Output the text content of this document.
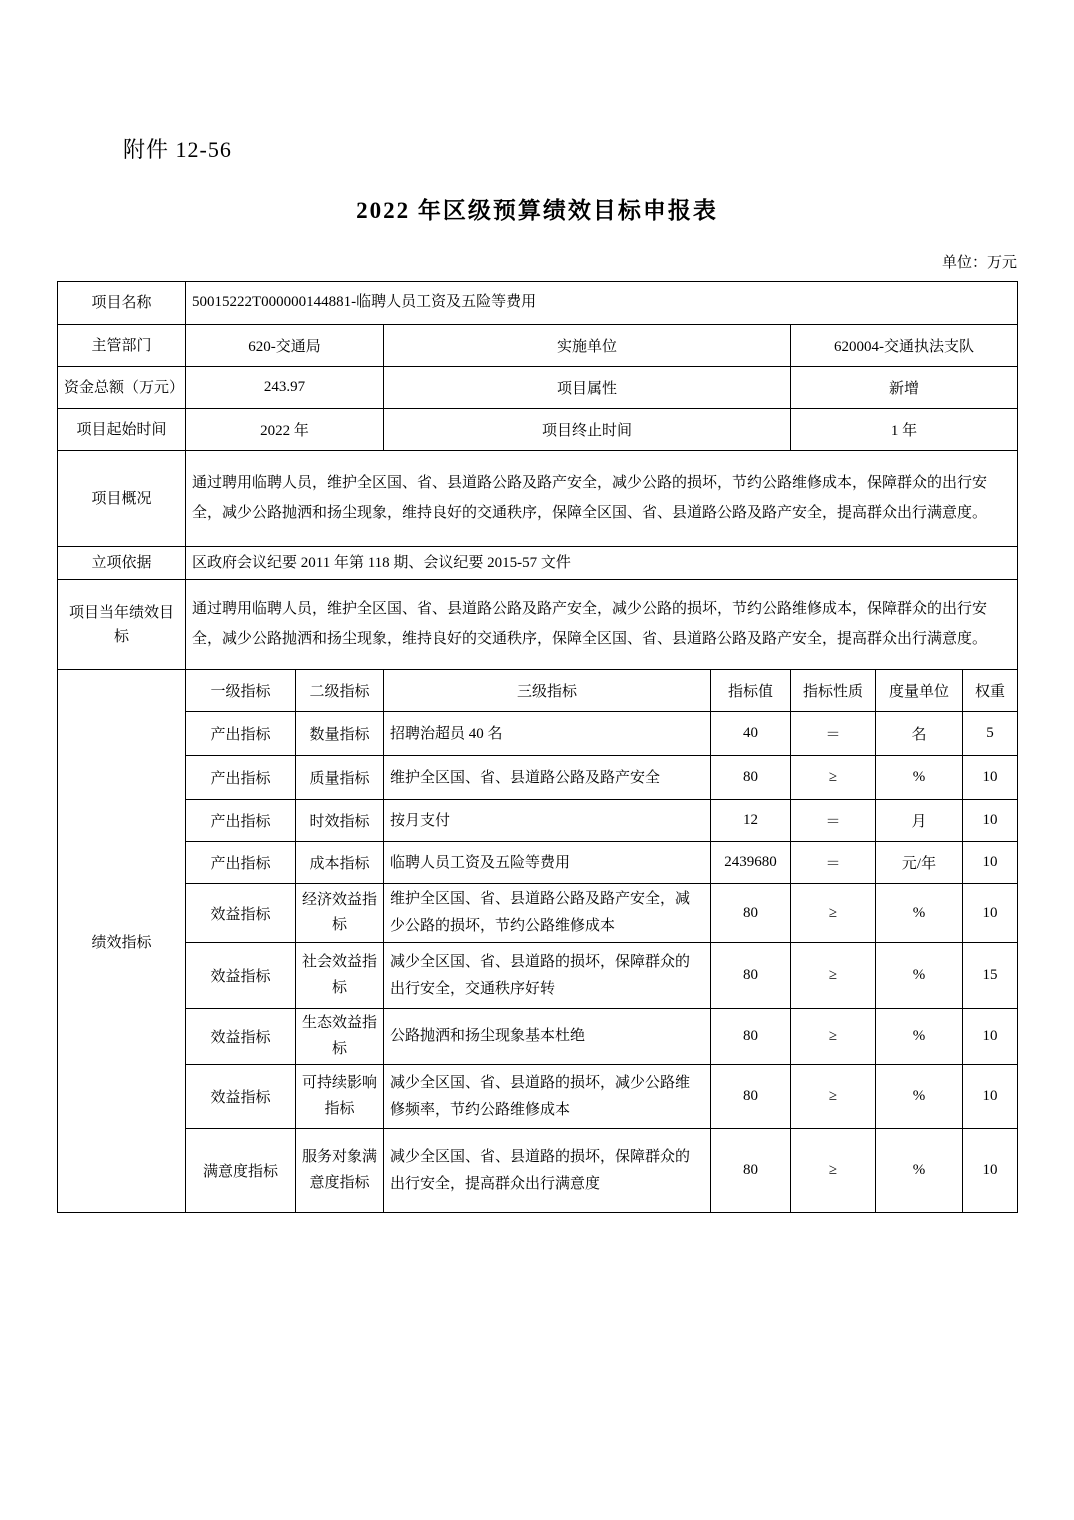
附件 12-56
2022 年区级预算绩效目标申报表
单位：万元
项目名称	50015222T000000144881-临聘人员工资及五险等费用						
主管部门	620-交通局		实施单位		620004-交通执法支队		
资金总额（万元）	243.97		项目属性		新增		
项目起始时间	2022 年		项目终止时间		1 年		
项目概况	通过聘用临聘人员，维护全区国、省、县道路公路及路产安全，减少公路的损坏，节约公路维修成本，保障群众的出行安全，减少公路抛洒和扬尘现象，维持良好的交通秩序，保障全区国、省、县道路公路及路产安全，提高群众出行满意度。						
立项依据	区政府会议纪要 2011 年第 118 期、会议纪要 2015-57 文件						
项目当年绩效目标	通过聘用临聘人员，维护全区国、省、县道路公路及路产安全，减少公路的损坏，节约公路维修成本，保障群众的出行安全，减少公路抛洒和扬尘现象，维持良好的交通秩序，保障全区国、省、县道路公路及路产安全，提高群众出行满意度。						
绩效指标	一级指标	二级指标	三级指标	指标值	指标性质	度量单位	权重
	产出指标	数量指标	招聘治超员 40 名	40	＝	名	5
	产出指标	质量指标	维护全区国、省、县道路公路及路产安全	80	≥	%	10
	产出指标	时效指标	按月支付	12	＝	月	10
	产出指标	成本指标	临聘人员工资及五险等费用	2439680	＝	元/年	10
	效益指标	经济效益指标	维护全区国、省、县道路公路及路产安全，减少公路的损坏，节约公路维修成本	80	≥	%	10
	效益指标	社会效益指标	减少全区国、省、县道路的损坏，保障群众的出行安全，交通秩序好转	80	≥	%	15
	效益指标	生态效益指标	公路抛洒和扬尘现象基本杜绝	80	≥	%	10
	效益指标	可持续影响指标	减少全区国、省、县道路的损坏，减少公路维修频率，节约公路维修成本	80	≥	%	10
	满意度指标	服务对象满意度指标	减少全区国、省、县道路的损坏，保障群众的出行安全，提高群众出行满意度	80	≥	%	10
